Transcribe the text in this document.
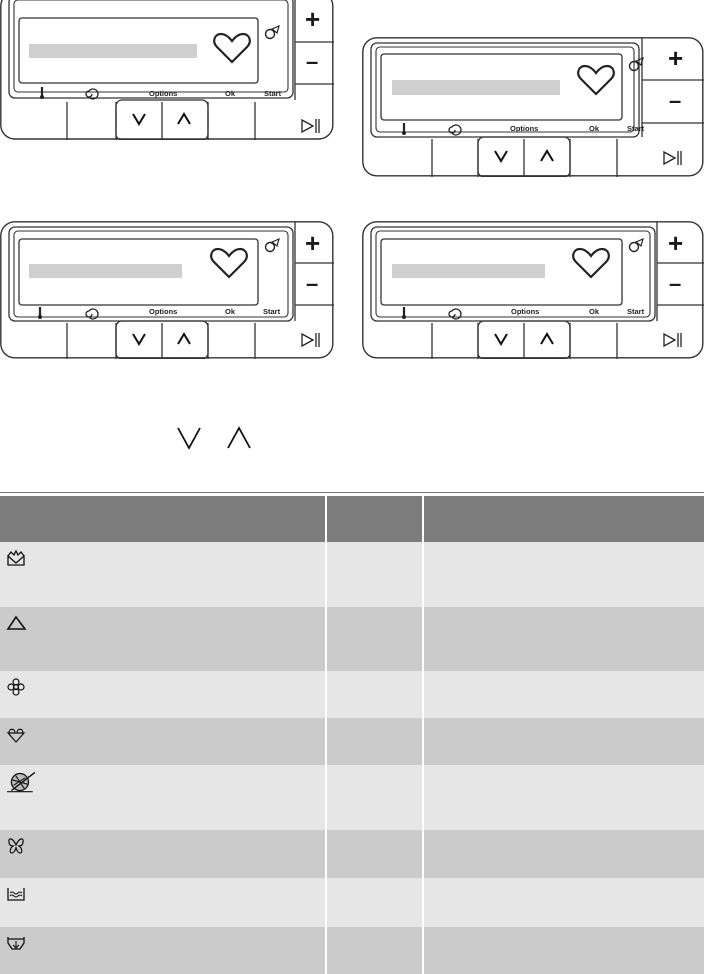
Options	Ok	Start
+
–
Options	Ok	Start
+
–
Options	Ok	Start
+
–
Options	Ok	Start
+
–
